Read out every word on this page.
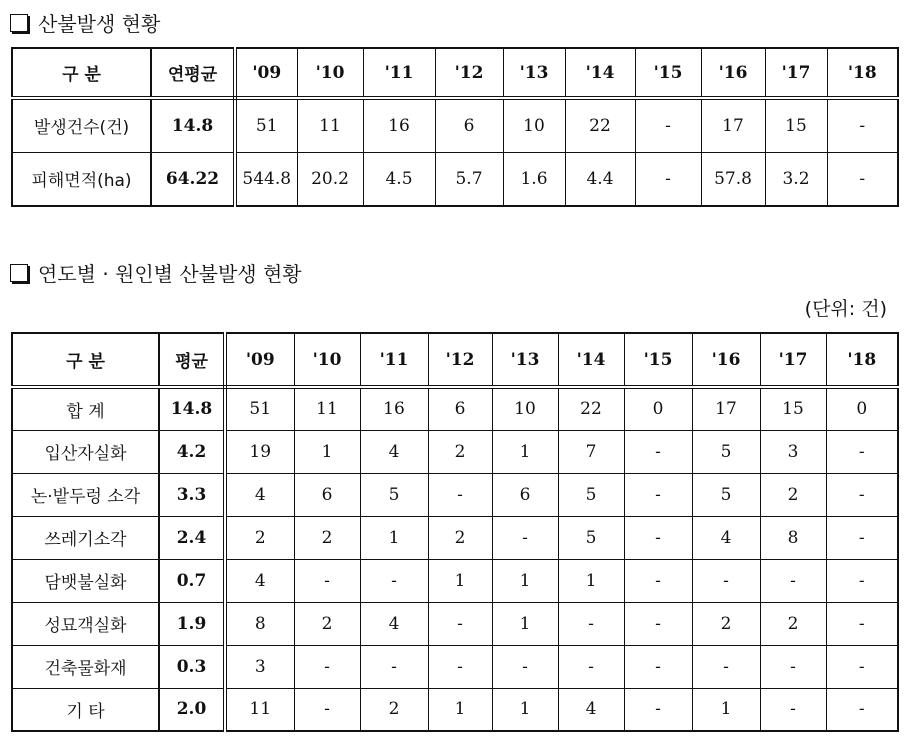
산불발생 현황
구 분	연평균	'09	'10	'11	'12	'13	'14	'15	'16	'17	'18
발생건수(건)	14.8	51	11	16	6	10	22	-	17	15	-
피해면적(ha)	64.22	544.8	20.2	4.5	5.7	1.6	4.4	-	57.8	3.2	-
연도별 · 원인별 산불발생 현황
(단위: 건)
구 분	평균	'09	'10	'11	'12	'13	'14	'15	'16	'17	'18
합 계	14.8	51	11	16	6	10	22	0	17	15	0
입산자실화	4.2	19	1	4	2	1	7	-	5	3	-
논·밭두렁 소각	3.3	4	6	5	-	6	5	-	5	2	-
쓰레기소각	2.4	2	2	1	2	-	5	-	4	8	-
담뱃불실화	0.7	4	-	-	1	1	1	-	-	-	-
성묘객실화	1.9	8	2	4	-	1	-	-	2	2	-
건축물화재	0.3	3	-	-	-	-	-	-	-	-	-
기 타	2.0	11	-	2	1	1	4	-	1	-	-
